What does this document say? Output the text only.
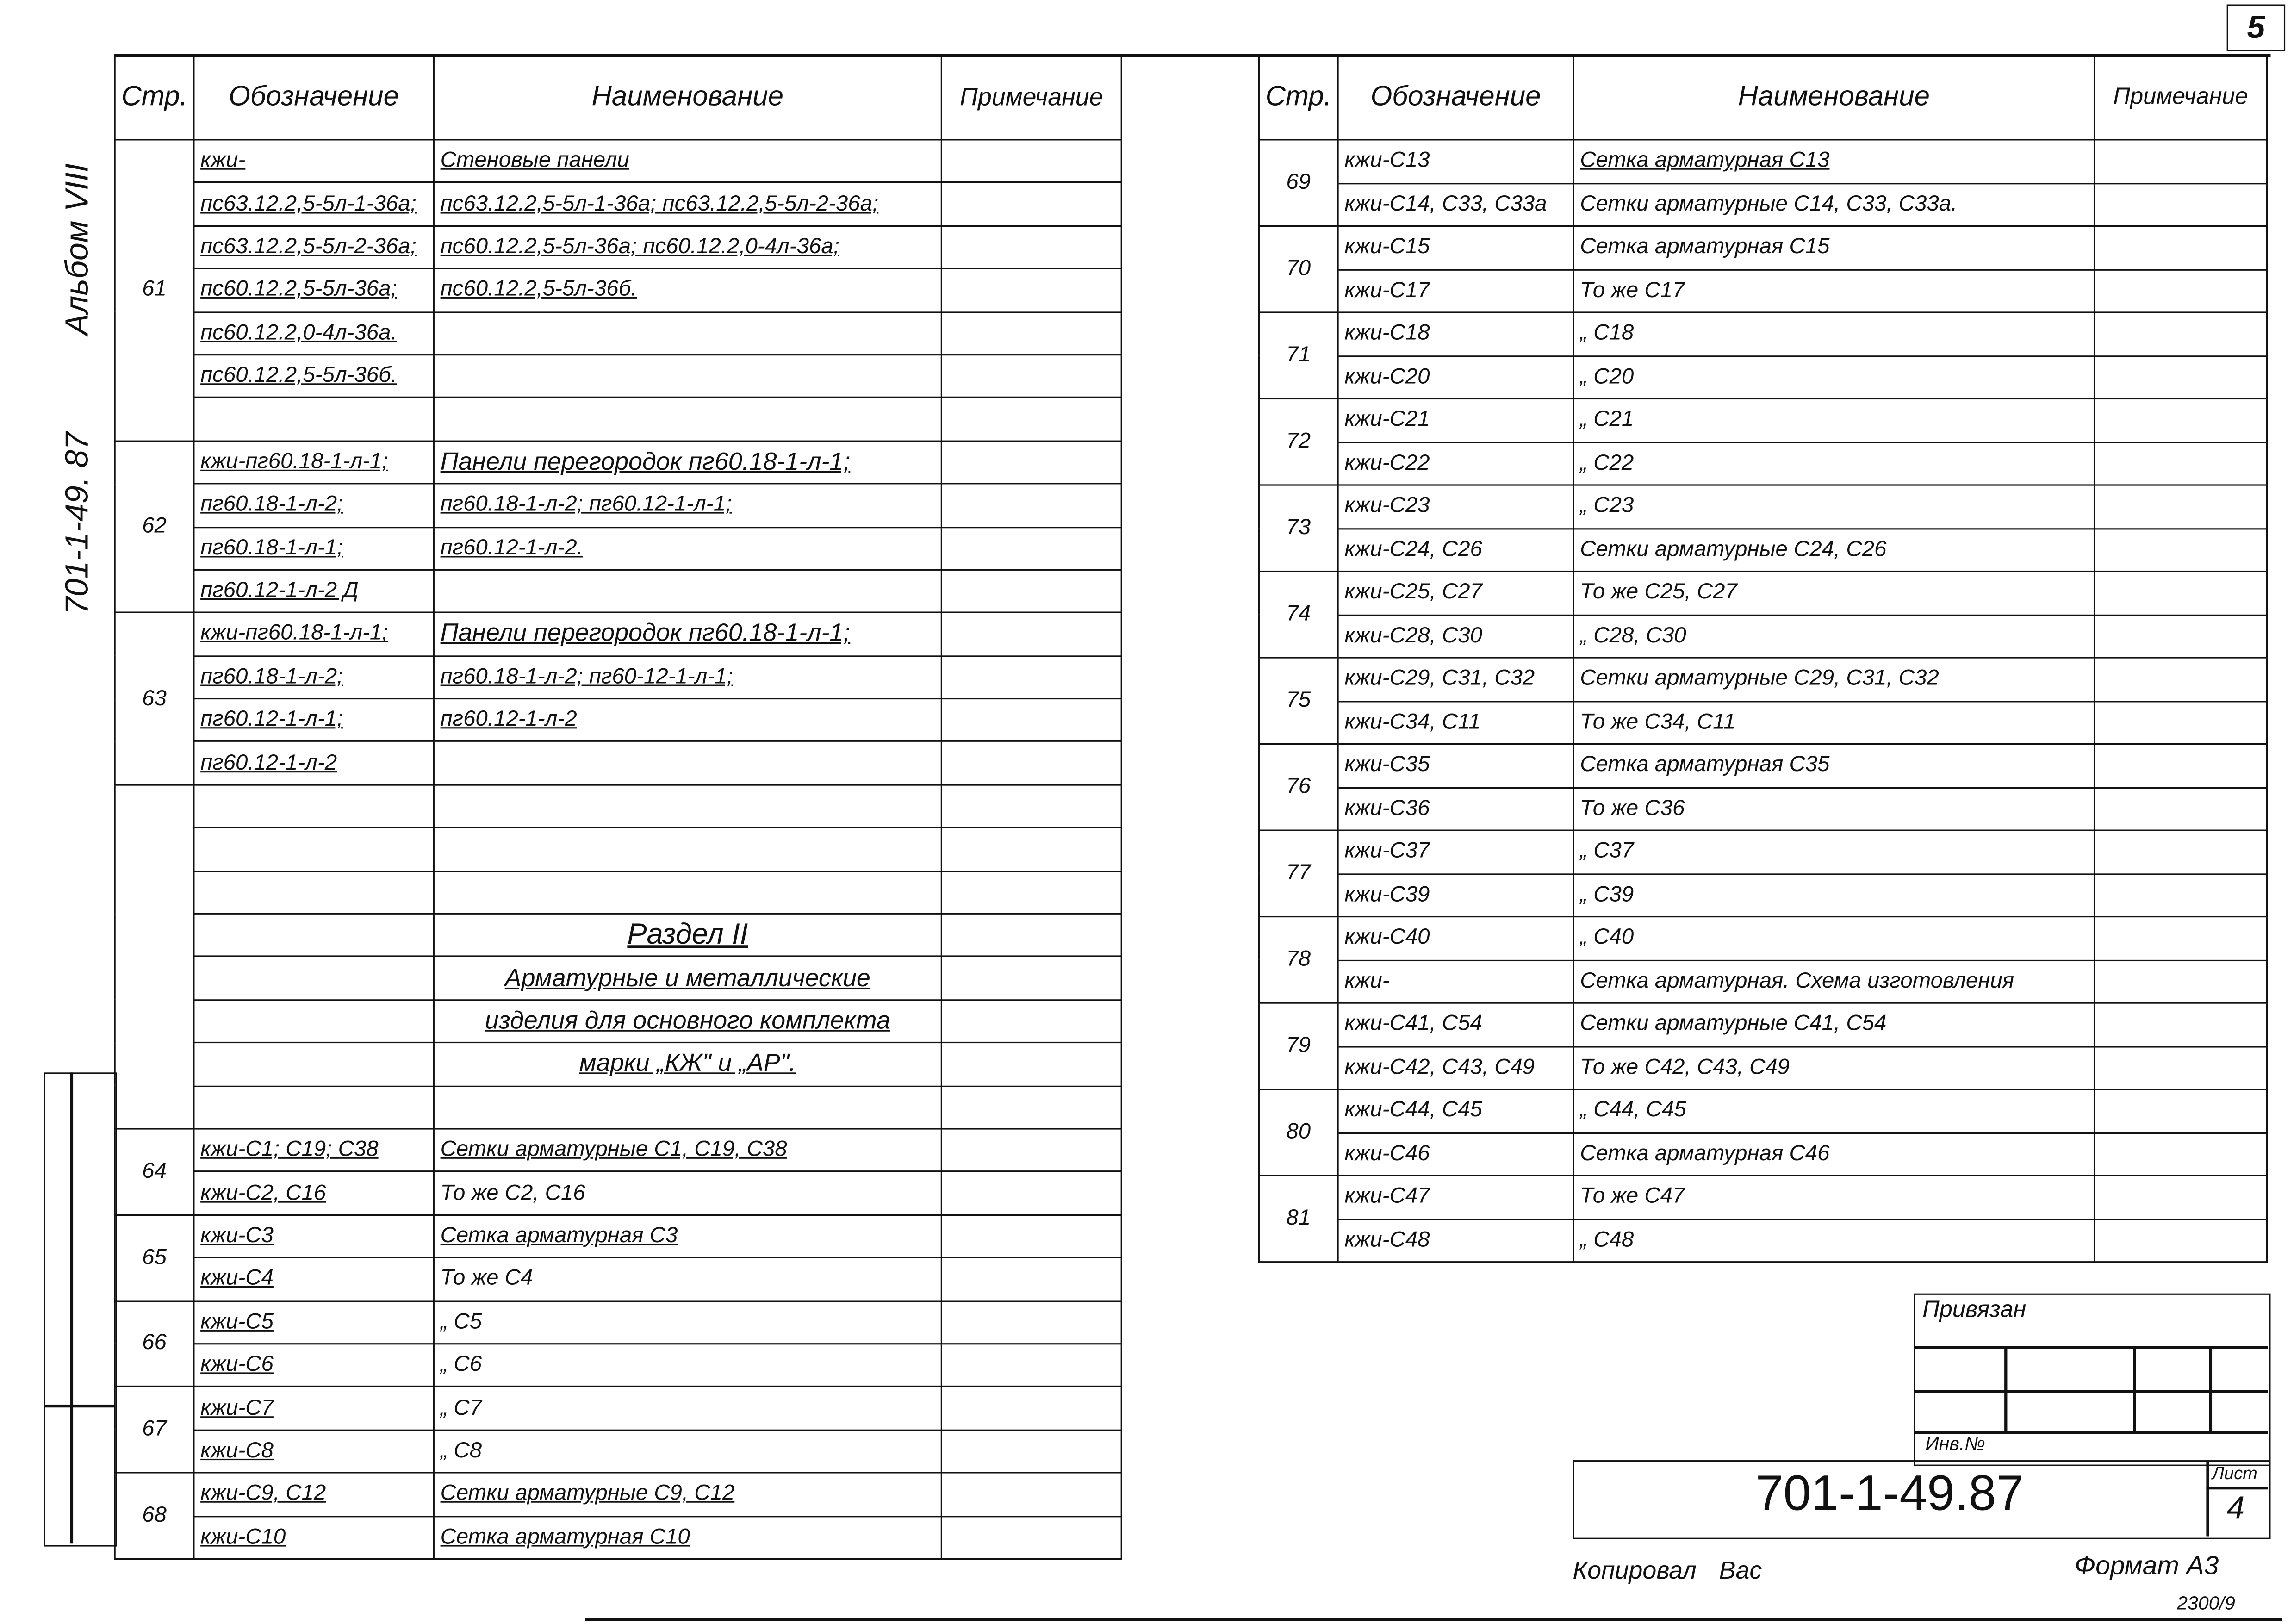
5
701-1-49. 87 Альбом VIII
Стр.	Обозначение	Наименование	Примечание
61	кжи-	Стеновые панели	
	пс63.12.2,5-5л-1-36а;	пс63.12.2,5-5л-1-36а; пс63.12.2,5-5л-2-36а;	
	пс63.12.2,5-5л-2-36а;	пс60.12.2,5-5л-36а; пс60.12.2,0-4л-36а;	
	пс60.12.2,5-5л-36а;	пс60.12.2,5-5л-36б.	
	пс60.12.2,0-4л-36а.		
	пс60.12.2,5-5л-36б.		

62	кжи-пг60.18-1-л-1;	Панели перегородок пг60.18-1-л-1;	
	пг60.18-1-л-2;	пг60.18-1-л-2; пг60.12-1-л-1;	
	пг60.18-1-л-1;	пг60.12-1-л-2.	
	пг60.12-1-л-2 Д		
63	кжи-пг60.18-1-л-1;	Панели перегородок пг60.18-1-л-1;	
	пг60.18-1-л-2;	пг60.18-1-л-2; пг60-12-1-л-1;	
	пг60.12-1-л-1;	пг60.12-1-л-2	
	пг60.12-1-л-2		

		Раздел II	
		Арматурные и металлические	
		изделия для основного комплекта	
		марки „КЖ" и „АР".	

64	кжи-С1; С19; С38	Сетки арматурные С1, С19, С38	
	кжи-С2, С16	То же С2, С16	
65	кжи-С3	Сетка арматурная С3	
	кжи-С4	То же С4	
66	кжи-С5	„ С5	
	кжи-С6	„ С6	
67	кжи-С7	„ С7	
	кжи-С8	„ С8	
68	кжи-С9, С12	Сетки арматурные С9, С12	
	кжи-С10	Сетка арматурная С10	
Стр.	Обозначение	Наименование	Примечание
69	кжи-С13	Сетка арматурная С13	
	кжи-С14, С33, С33а	Сетки арматурные С14, С33, С33а.	
70	кжи-С15	Сетка арматурная С15	
	кжи-С17	То же С17	
71	кжи-С18	„ С18	
	кжи-С20	„ С20	
72	кжи-С21	„ С21	
	кжи-С22	„ С22	
73	кжи-С23	„ С23	
	кжи-С24, С26	Сетки арматурные С24, С26	
74	кжи-С25, С27	То же С25, С27	
	кжи-С28, С30	„ С28, С30	
75	кжи-С29, С31, С32	Сетки арматурные С29, С31, С32	
	кжи-С34, С11	То же С34, С11	
76	кжи-С35	Сетка арматурная С35	
	кжи-С36	То же С36	
77	кжи-С37	„ С37	
	кжи-С39	„ С39	
78	кжи-С40	„ С40	
	кжи-	Сетка арматурная. Схема изготовления	
79	кжи-С41, С54	Сетки арматурные С41, С54	
	кжи-С42, С43, С49	То же С42, С43, С49	
80	кжи-С44, С45	„ С44, С45	
	кжи-С46	Сетка арматурная С46	
81	кжи-С47	То же С47	
	кжи-С48	„ С48	
Привязан
Инв.№
701-1-49.87	Лист
4
Копировал	Вас	Формат А3
2300/9
